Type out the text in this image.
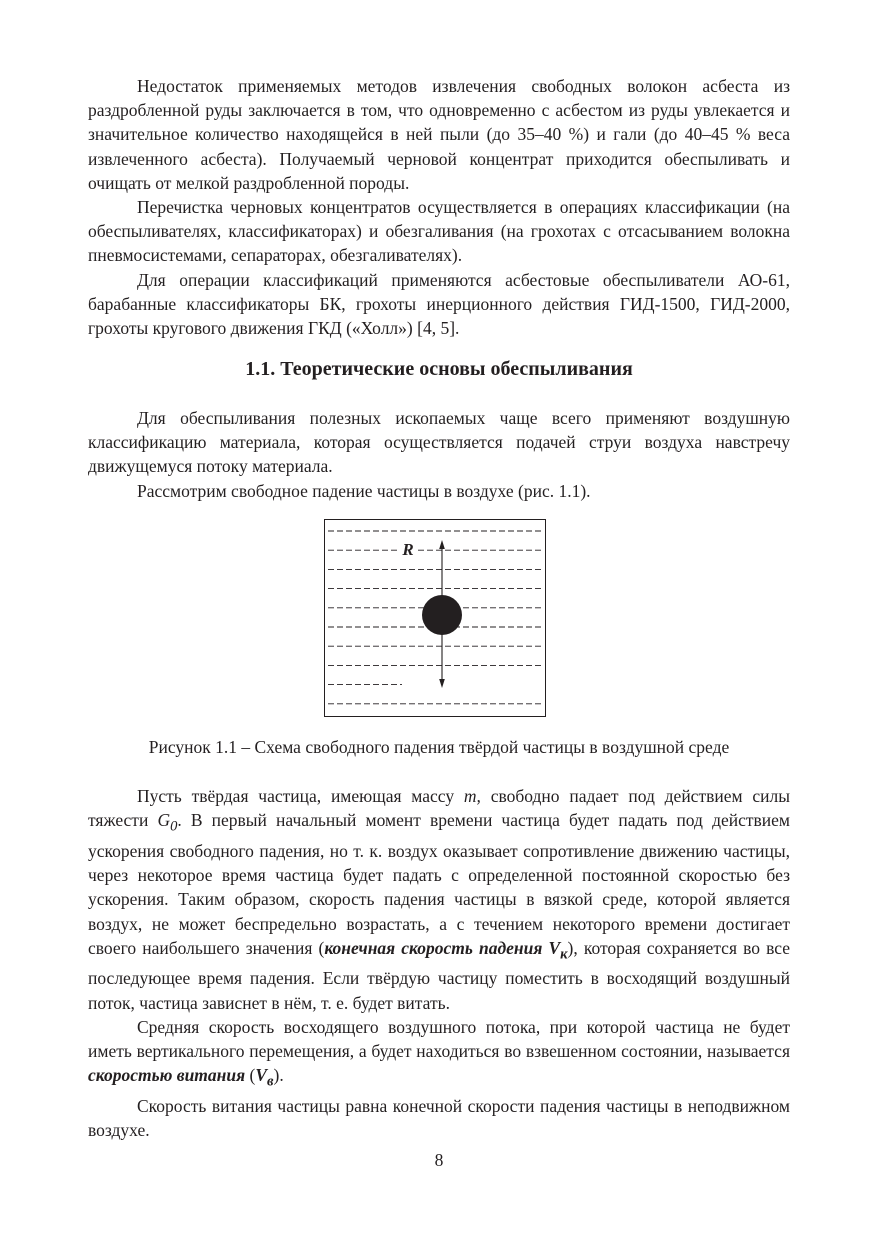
Недостаток применяемых методов извлечения свободных волокон асбеста из раздробленной руды заключается в том, что одновременно с асбестом из руды увлекается и значительное количество находящейся в ней пыли (до 35–40 %) и гали (до 40–45 % веса извлеченного асбеста). Получаемый черновой концентрат приходится обеспыливать и очищать от мелкой раздробленной породы.

Перечистка черновых концентратов осуществляется в операциях классификации (на обеспыливателях, классификаторах) и обезгаливания (на грохотах с отсасыванием волокна пневмосистемами, сепараторах, обезгаливателях).

Для операции классификаций применяются асбестовые обеспыливатели АО-61, барабанные классификаторы БК, грохоты инерционного действия ГИД-1500, ГИД-2000, грохоты кругового движения ГКД («Холл») [4, 5].

1.1. Теоретические основы обеспыливания

Для обеспыливания полезных ископаемых чаще всего применяют воздушную классификацию материала, которая осуществляется подачей струи воздуха навстречу движущемуся потоку материала.

Рассмотрим свободное падение частицы в воздухе (рис. 1.1).

R

Рисунок 1.1 – Схема свободного падения твёрдой частицы в воздушной среде

Пусть твёрдая частица, имеющая массу m, свободно падает под действием силы тяжести $G_0$. В первый начальный момент времени частица будет падать под действием ускорения свободного падения, но т. к. воздух оказывает сопротивление движению частицы, через некоторое время частица будет падать с определенной постоянной скоростью без ускорения. Таким образом, скорость падения частицы в вязкой среде, которой является воздух, не может беспредельно возрастать, а с течением некоторого времени достигает своего наибольшего значения (конечная скорость падения $V_к$), которая сохраняется во все последующее время падения. Если твёрдую частицу поместить в восходящий воздушный поток, частица зависнет в нём, т. е. будет витать.

Средняя скорость восходящего воздушного потока, при которой частица не будет иметь вертикального перемещения, а будет находиться во взвешенном состоянии, называется скоростью витания $(V_в)$.

Скорость витания частицы равна конечной скорости падения частицы в неподвижном воздухе.

8
